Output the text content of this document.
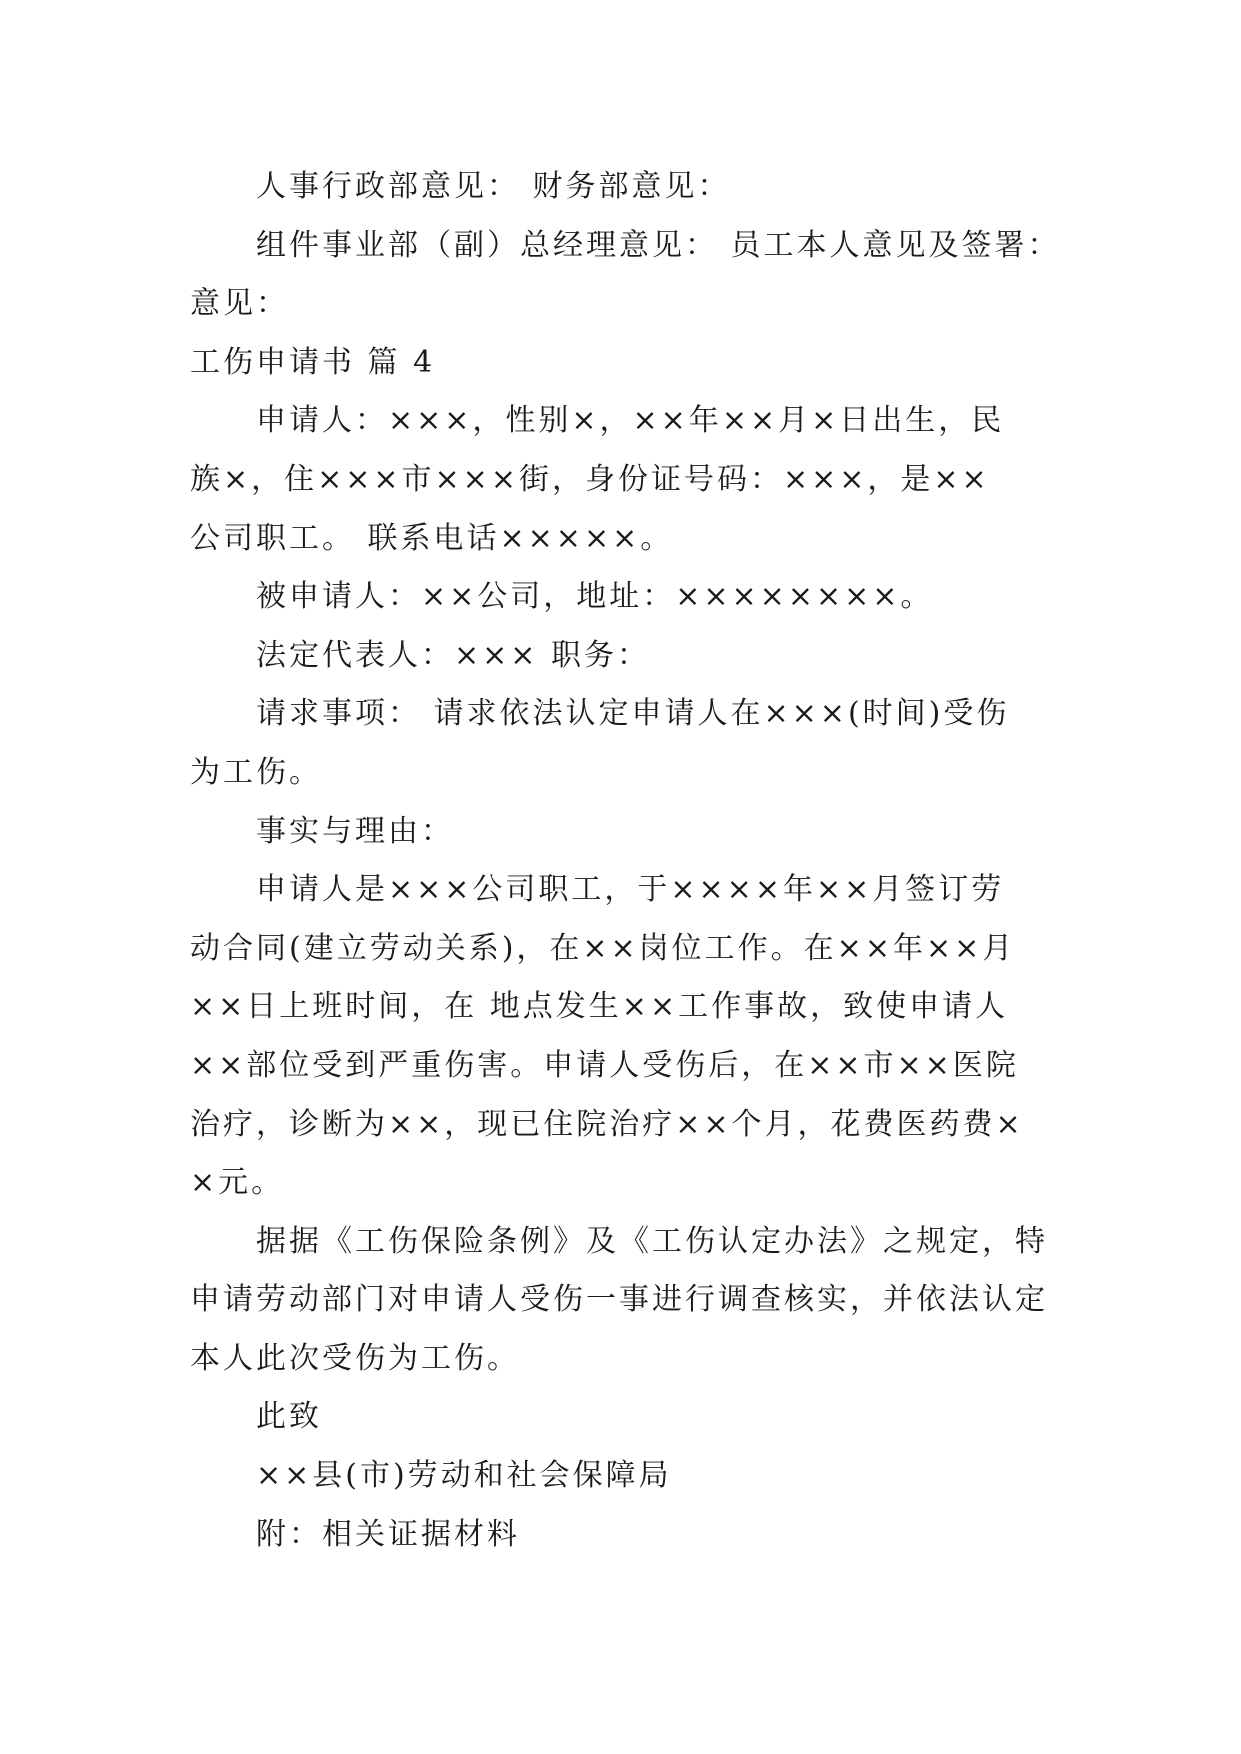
人事行政部意见： 财务部意见：
组件事业部（副）总经理意见： 员工本人意见及签署：
意见：
工伤申请书 篇 4
申请人：×××，性别×，××年××月×日出生，民
族×，住×××市×××街，身份证号码：×××，是××
公司职工。 联系电话×××××。
被申请人：××公司，地址：××××××××。
法定代表人：××× 职务：
请求事项： 请求依法认定申请人在×××(时间)受伤
为工伤。
事实与理由：
申请人是×××公司职工，于××××年××月签订劳
动合同(建立劳动关系)，在××岗位工作。在××年××月
××日上班时间，在 地点发生××工作事故，致使申请人
××部位受到严重伤害。申请人受伤后，在××市××医院
治疗，诊断为××，现已住院治疗××个月，花费医药费×
×元。
据据《工伤保险条例》及《工伤认定办法》之规定，特
申请劳动部门对申请人受伤一事进行调查核实，并依法认定
本人此次受伤为工伤。
此致
××县(市)劳动和社会保障局
附：相关证据材料
